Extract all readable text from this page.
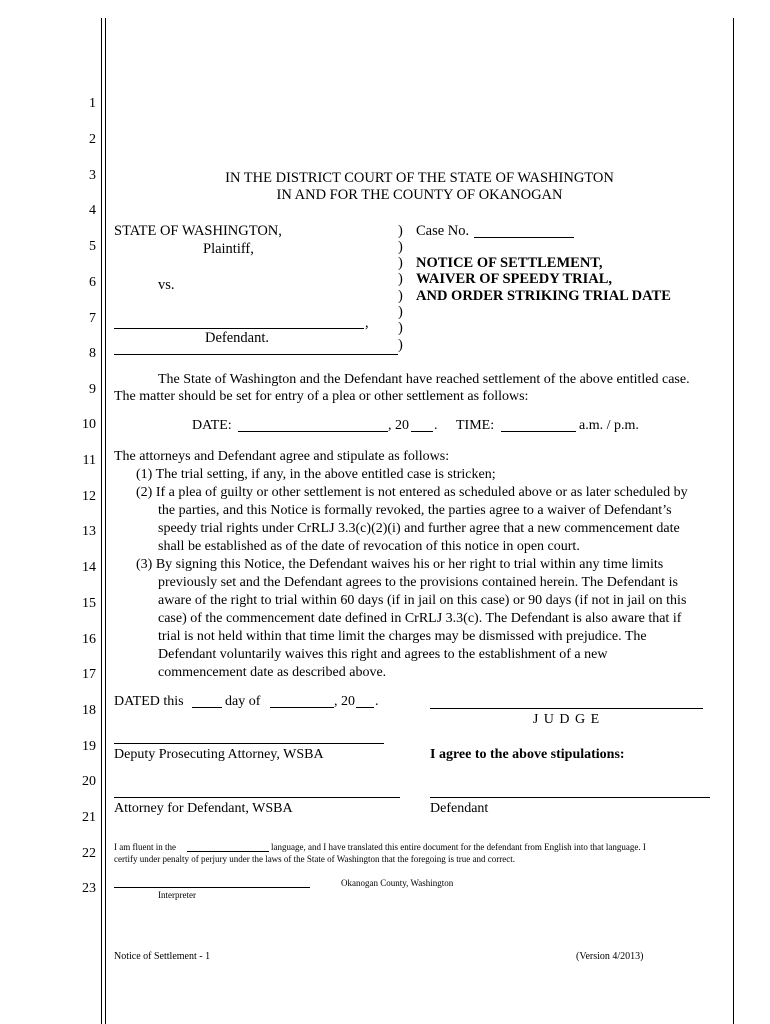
1
2
3
4
5
6
7
8
9
10
11
12
13
14
15
16
17
18
19
20
21
22
23
IN THE DISTRICT COURT OF THE STATE OF WASHINGTON
IN AND FOR THE COUNTY OF OKANOGAN
STATE OF WASHINGTON,
Plaintiff,
vs.
,
Defendant.
)
)
)
)
)
)
)
)
Case No.
NOTICE OF SETTLEMENT,
WAIVER OF SPEEDY TRIAL,
AND ORDER STRIKING TRIAL DATE
The State of Washington and the Defendant have reached settlement of the above entitled case.
The matter should be set for entry of a plea or other settlement as follows:
DATE:	, 20 . TIME:	a.m. / p.m.
The attorneys and Defendant agree and stipulate as follows:
(1) The trial setting, if any, in the above entitled case is stricken;
(2) If a plea of guilty or other settlement is not entered as scheduled above or as later scheduled by
the parties, and this Notice is formally revoked, the parties agree to a waiver of Defendant’s
speedy trial rights under CrRLJ 3.3(c)(2)(i) and further agree that a new commencement date
shall be established as of the date of revocation of this notice in open court.
(3) By signing this Notice, the Defendant waives his or her right to trial within any time limits
previously set and the Defendant agrees to the provisions contained herein. The Defendant is
aware of the right to trial within 60 days (if in jail on this case) or 90 days (if not in jail on this
case) of the commencement date defined in CrRLJ 3.3(c). The Defendant is also aware that if
trial is not held within that time limit the charges may be dismissed with prejudice. The
Defendant voluntarily waives this right and agrees to the establishment of a new
commencement date as described above.
DATED this	day of	, 20 .
J U D G E
Deputy Prosecuting Attorney, WSBA	I agree to the above stipulations:
Attorney for Defendant, WSBA	Defendant
I am fluent in the	language, and I have translated this entire document for the defendant from English into that language. I
certify under penalty of perjury under the laws of the State of Washington that the foregoing is true and correct.
Okanogan County, Washington
Interpreter
Notice of Settlement - 1	(Version 4/2013)
